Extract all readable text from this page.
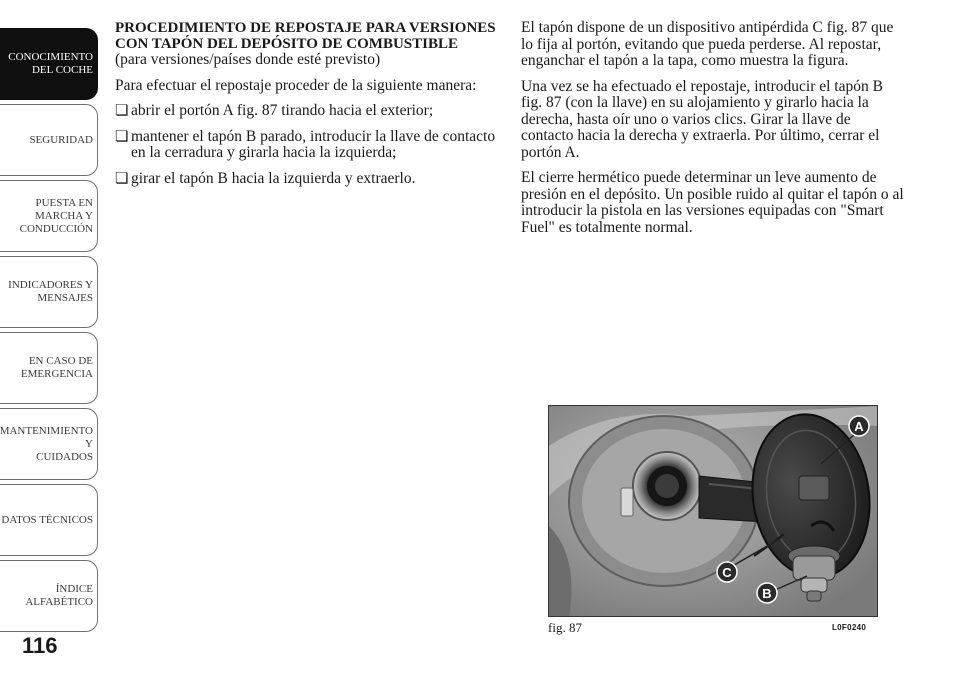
CONOCIMIENTO
DEL COCHE
SEGURIDAD
PUESTA EN
MARCHA Y
CONDUCCIÓN
INDICADORES Y
MENSAJES
EN CASO DE
EMERGENCIA
MANTENIMIENTO Y
CUIDADOS
DATOS TÉCNICOS
ÍNDICE
ALFABÉTICO
116
PROCEDIMIENTO DE REPOSTAJE PARA VERSIONES CON TAPÓN DEL DEPÓSITO DE COMBUSTIBLE

(para versiones/países donde esté previsto)

Para efectuar el repostaje proceder de la siguiente manera:

❏ abrir el portón A fig. 87 tirando hacia el exterior;
❏ mantener el tapón B parado, introducir la llave de contacto en la cerradura y girarla hacia la izquierda;
❏ girar el tapón B hacia la izquierda y extraerlo.

El tapón dispone de un dispositivo antipérdida C fig. 87 que lo fija al portón, evitando que pueda perderse. Al repostar, enganchar el tapón a la tapa, como muestra la figura.

Una vez se ha efectuado el repostaje, introducir el tapón B fig. 87 (con la llave) en su alojamiento y girarlo hacia la derecha, hasta oír uno o varios clics. Girar la llave de contacto hacia la derecha y extraerla. Por último, cerrar el portón A.

El cierre hermético puede determinar un leve aumento de presión en el depósito. Un posible ruido al quitar el tapón o al introducir la pistola en las versiones equipadas con "Smart Fuel" es totalmente normal.

A
C
B
fig. 87	L0F0240
